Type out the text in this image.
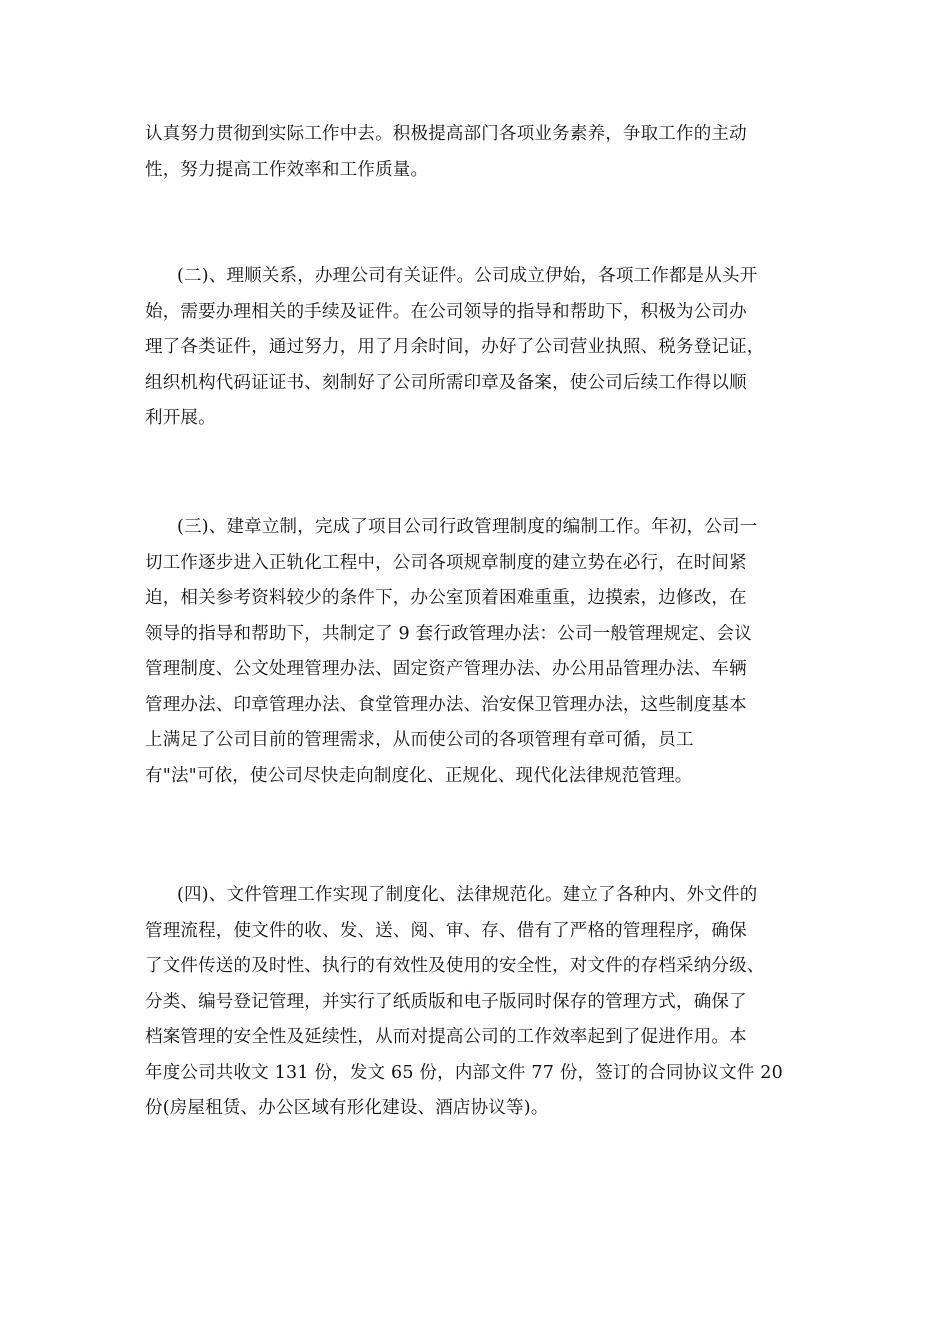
认真努力贯彻到实际工作中去。积极提高部门各项业务素养，争取工作的主动
性，努力提高工作效率和工作质量。
(二)、理顺关系，办理公司有关证件。公司成立伊始，各项工作都是从头开
始，需要办理相关的手续及证件。在公司领导的指导和帮助下，积极为公司办
理了各类证件，通过努力，用了月余时间，办好了公司营业执照、税务登记证，
组织机构代码证证书、刻制好了公司所需印章及备案，使公司后续工作得以顺
利开展。
(三)、建章立制，完成了项目公司行政管理制度的编制工作。年初，公司一
切工作逐步进入正轨化工程中，公司各项规章制度的建立势在必行，在时间紧
迫，相关参考资料较少的条件下，办公室顶着困难重重，边摸索，边修改，在
领导的指导和帮助下，共制定了 9 套行政管理办法：公司一般管理规定、会议
管理制度、公文处理管理办法、固定资产管理办法、办公用品管理办法、车辆
管理办法、印章管理办法、食堂管理办法、治安保卫管理办法，这些制度基本
上满足了公司目前的管理需求，从而使公司的各项管理有章可循，员工
有"法"可依，使公司尽快走向制度化、正规化、现代化法律规范管理。
(四)、文件管理工作实现了制度化、法律规范化。建立了各种内、外文件的
管理流程，使文件的收、发、送、阅、审、存、借有了严格的管理程序，确保
了文件传送的及时性、执行的有效性及使用的安全性，对文件的存档采纳分级、
分类、编号登记管理，并实行了纸质版和电子版同时保存的管理方式，确保了
档案管理的安全性及延续性，从而对提高公司的工作效率起到了促进作用。本
年度公司共收文 131 份，发文 65 份，内部文件 77 份，签订的合同协议文件 20
份(房屋租赁、办公区域有形化建设、酒店协议等)。
